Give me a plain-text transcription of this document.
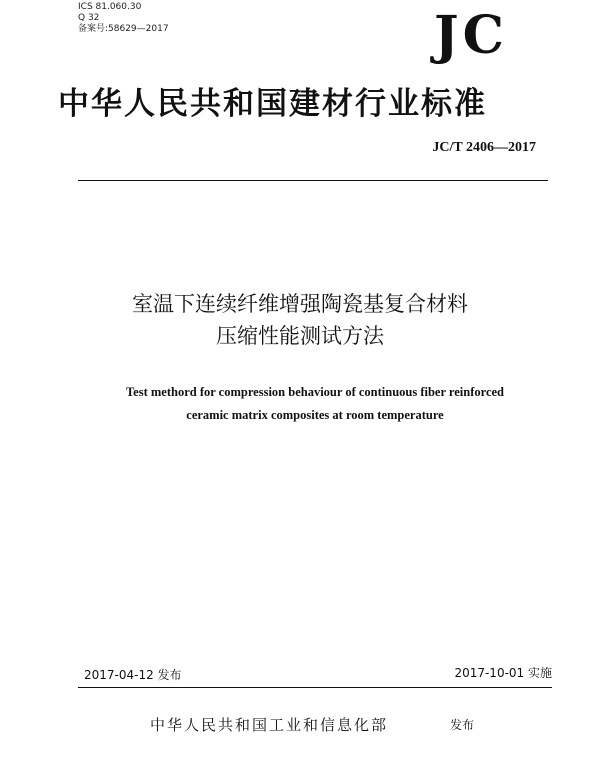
ICS 81.060.30
Q 32
备案号:58629—2017	JC
中华人民共和国建材行业标准
JC/T 2406—2017
室温下连续纤维增强陶瓷基复合材料
压缩性能测试方法
Test methord for compression behaviour of continuous fiber reinforced
ceramic matrix composites at room temperature
2017-04-12 发布	2017-10-01 实施
中华人民共和国工业和信息化部	发布
